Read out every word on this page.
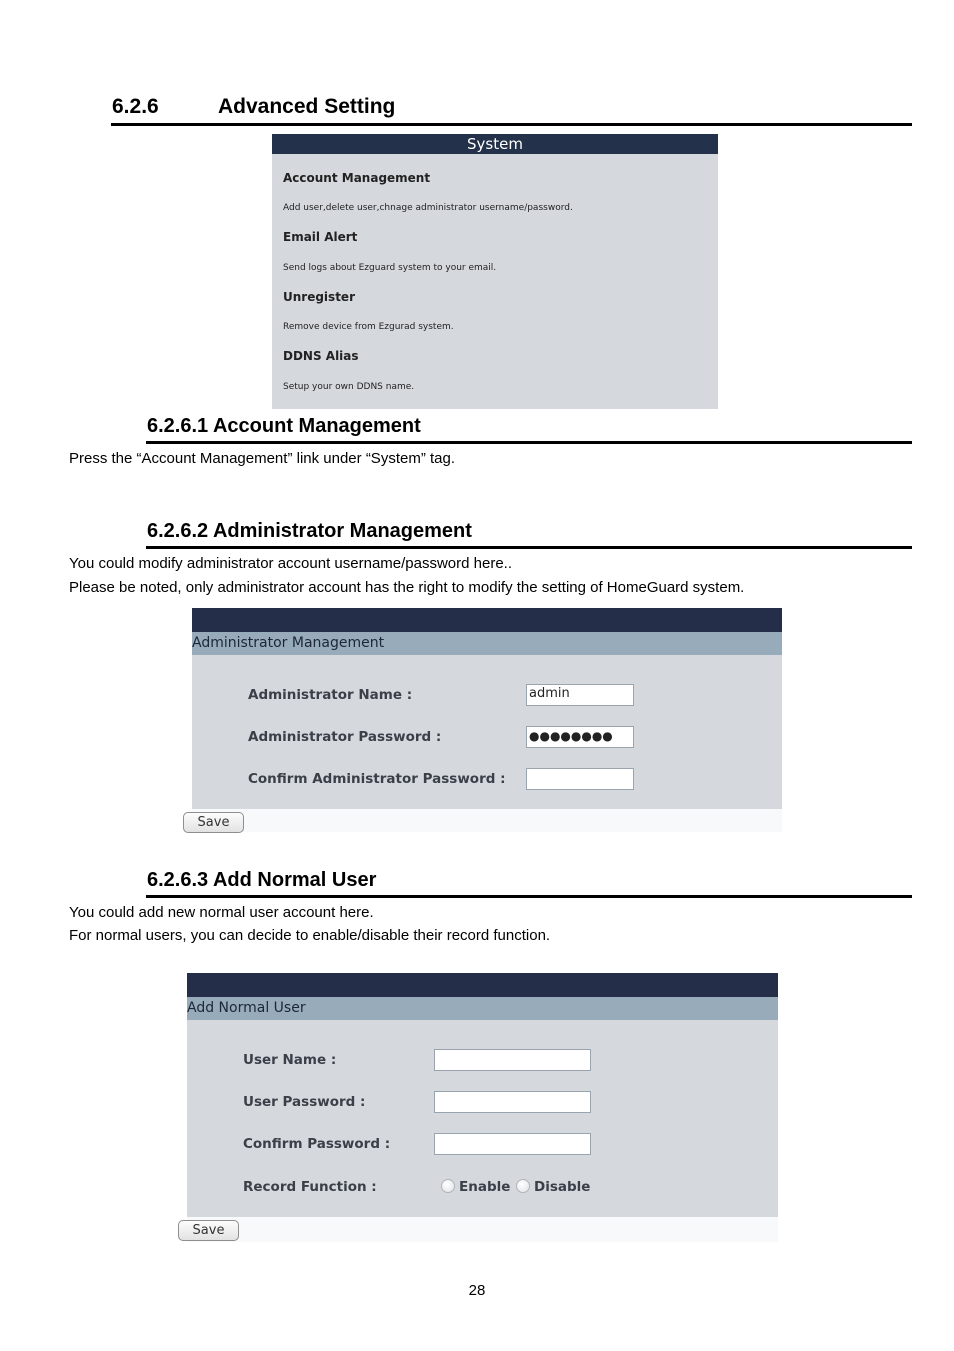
6.2.6	Advanced Setting
System
Account Management
Add user,delete user,chnage administrator username/password.
Email Alert
Send logs about Ezguard system to your email.
Unregister
Remove device from Ezgurad system.
DDNS Alias
Setup your own DDNS name.
6.2.6.1 Account Management
Press the “Account Management” link under “System” tag.
6.2.6.2 Administrator Management
You could modify administrator account username/password here..
Please be noted, only administrator account has the right to modify the setting of HomeGuard system.
Administrator Management
Administrator Name :
Administrator Password :
Confirm Administrator Password :
admin
●●●●●●●●
Save
6.2.6.3 Add Normal User
You could add new normal user account here.
For normal users, you can decide to enable/disable their record function.
Add Normal User
User Name :
User Password :
Confirm Password :
Record Function :	Enable Disable
Save
28
